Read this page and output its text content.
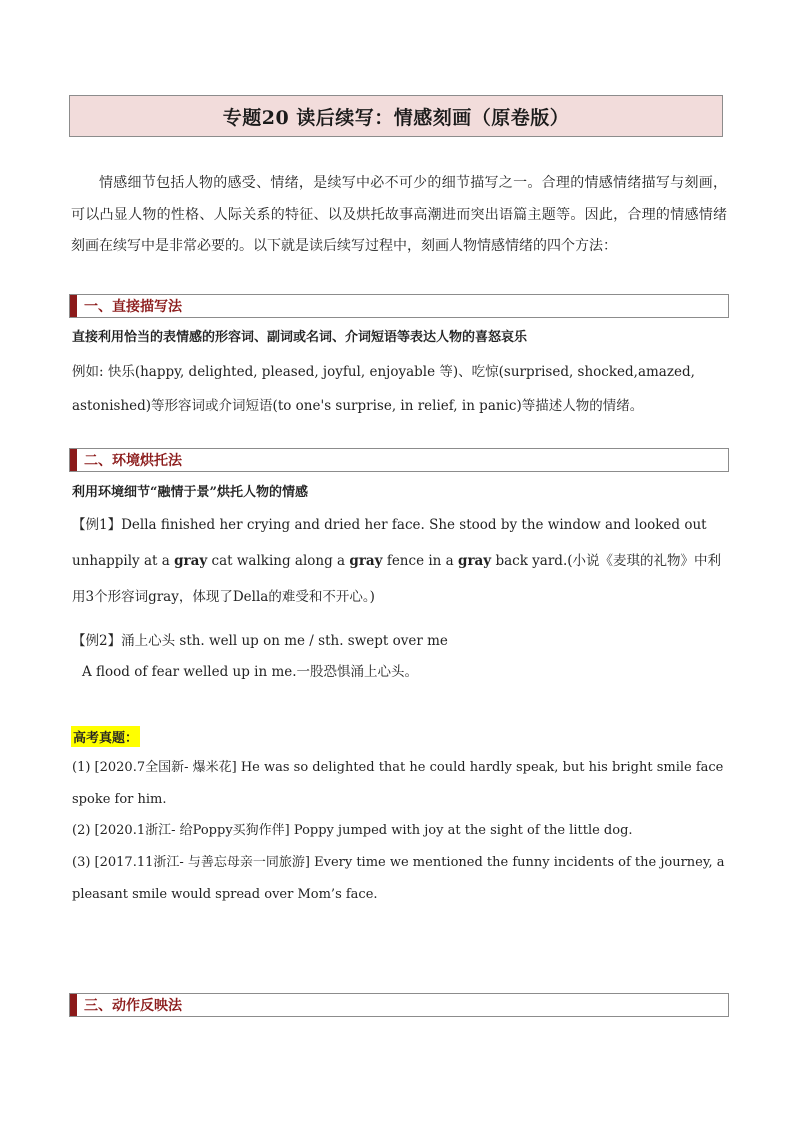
专题20 读后续写：情感刻画（原卷版）

情感细节包括人物的感受、情绪，是续写中必不可少的细节描写之一。合理的情感情绪描写与刻画，可以凸显人物的性格、人际关系的特征、以及烘托故事高潮进而突出语篇主题等。因此，合理的情感情绪刻画在续写中是非常必要的。以下就是读后续写过程中，刻画人物情感情绪的四个方法：

一、直接描写法

直接利用恰当的表情感的形容词、副词或名词、介词短语等表达人物的喜怒哀乐

例如: 快乐(happy, delighted, pleased, joyful, enjoyable 等)、吃惊(surprised, shocked,amazed, astonished)等形容词或介词短语(to one's surprise, in relief, in panic)等描述人物的情绪。

二、环境烘托法

利用环境细节“融情于景”烘托人物的情感

【例1】Della finished her crying and dried her face. She stood by the window and looked out unhappily at a gray cat walking along a gray fence in a gray back yard.(小说《麦琪的礼物》中利用3个形容词gray，体现了Della的难受和不开心。)

【例2】涌上心头 sth. well up on me / sth. swept over me

A flood of fear welled up in me.一股恐惧涌上心头。

高考真题：

(1) [2020.7全国新- 爆米花] He was so delighted that he could hardly speak, but his bright smile face spoke for him.

(2) [2020.1浙江- 给Poppy买狗作伴] Poppy jumped with joy at the sight of the little dog.

(3) [2017.11浙江- 与善忘母亲一同旅游] Every time we mentioned the funny incidents of the journey, a pleasant smile would spread over Mom’s face.

三、动作反映法
